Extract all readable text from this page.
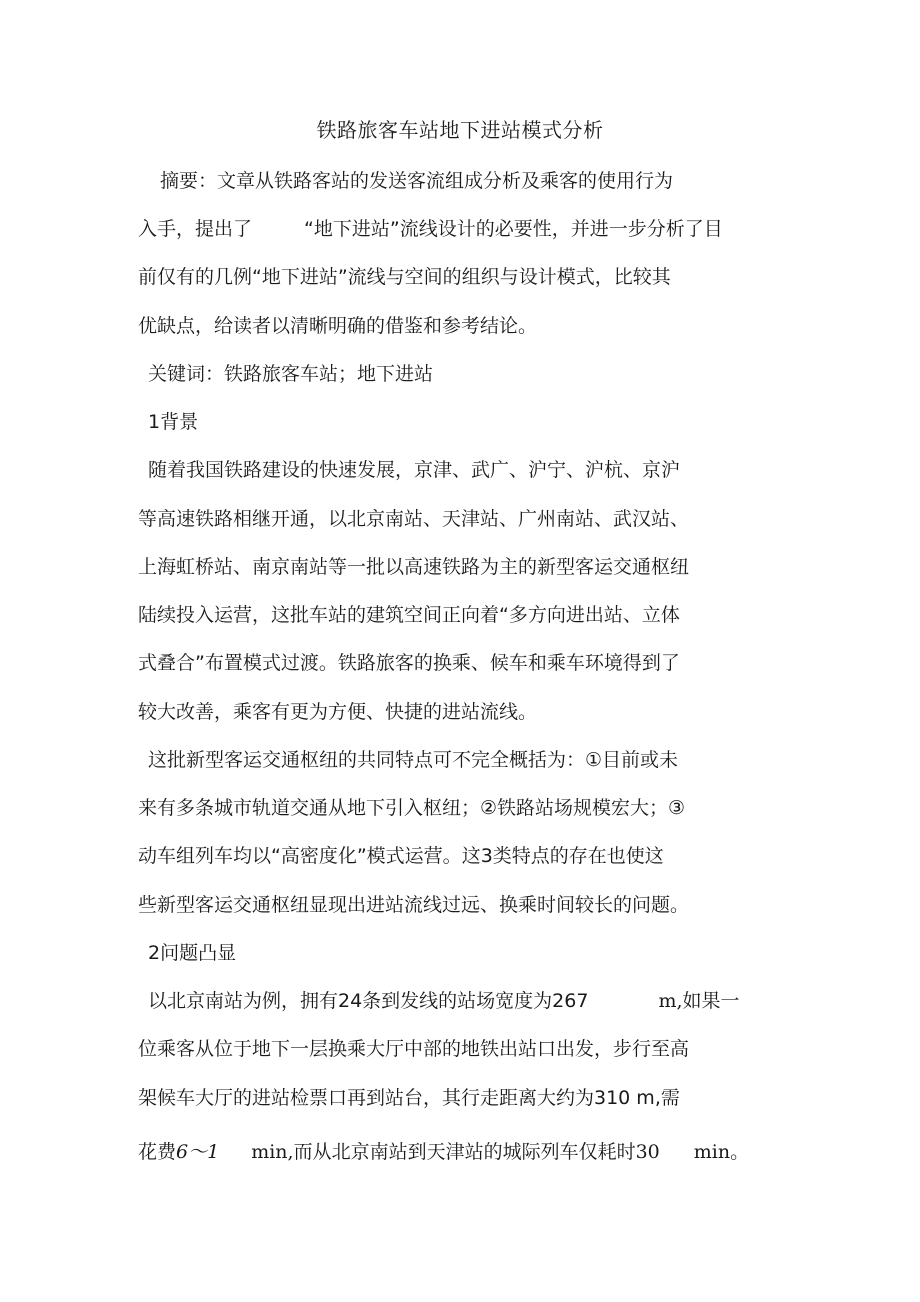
铁路旅客车站地下进站模式分析
摘要：文章从铁路客站的发送客流组成分析及乘客的使用行为
入手，提出了	“地下进站”流线设计的必要性，并进一步分析了目
前仅有的几例“地下进站”流线与空间的组织与设计模式，比较其
优缺点，给读者以清晰明确的借鉴和参考结论。
关键词：铁路旅客车站；地下进站
1背景
随着我国铁路建设的快速发展，京津、武广、沪宁、沪杭、京沪
等高速铁路相继开通，以北京南站、天津站、广州南站、武汉站、
上海虹桥站、南京南站等一批以高速铁路为主的新型客运交通枢纽
陆续投入运营，这批车站的建筑空间正向着“多方向进出站、立体
式叠合”布置模式过渡。铁路旅客的换乘、候车和乘车环境得到了
较大改善，乘客有更为方便、快捷的进站流线。
这批新型客运交通枢纽的共同特点可不完全概括为：①目前或未
来有多条城市轨道交通从地下引入枢纽；②铁路站场规模宏大；③
动车组列车均以“高密度化”模式运营。这3类特点的存在也使这
些新型客运交通枢纽显现出进站流线过远、换乘时间较长的问题。
2问题凸显
以北京南站为例，拥有24条到发线的站场宽度为267	m,如果一
位乘客从位于地下一层换乘大厅中部的地铁出站口出发，步行至高
架候车大厅的进站检票口再到站台，其行走距离大约为310 m,需
花费6～1 min,而从北京南站到天津站的城际列车仅耗时30 min。
